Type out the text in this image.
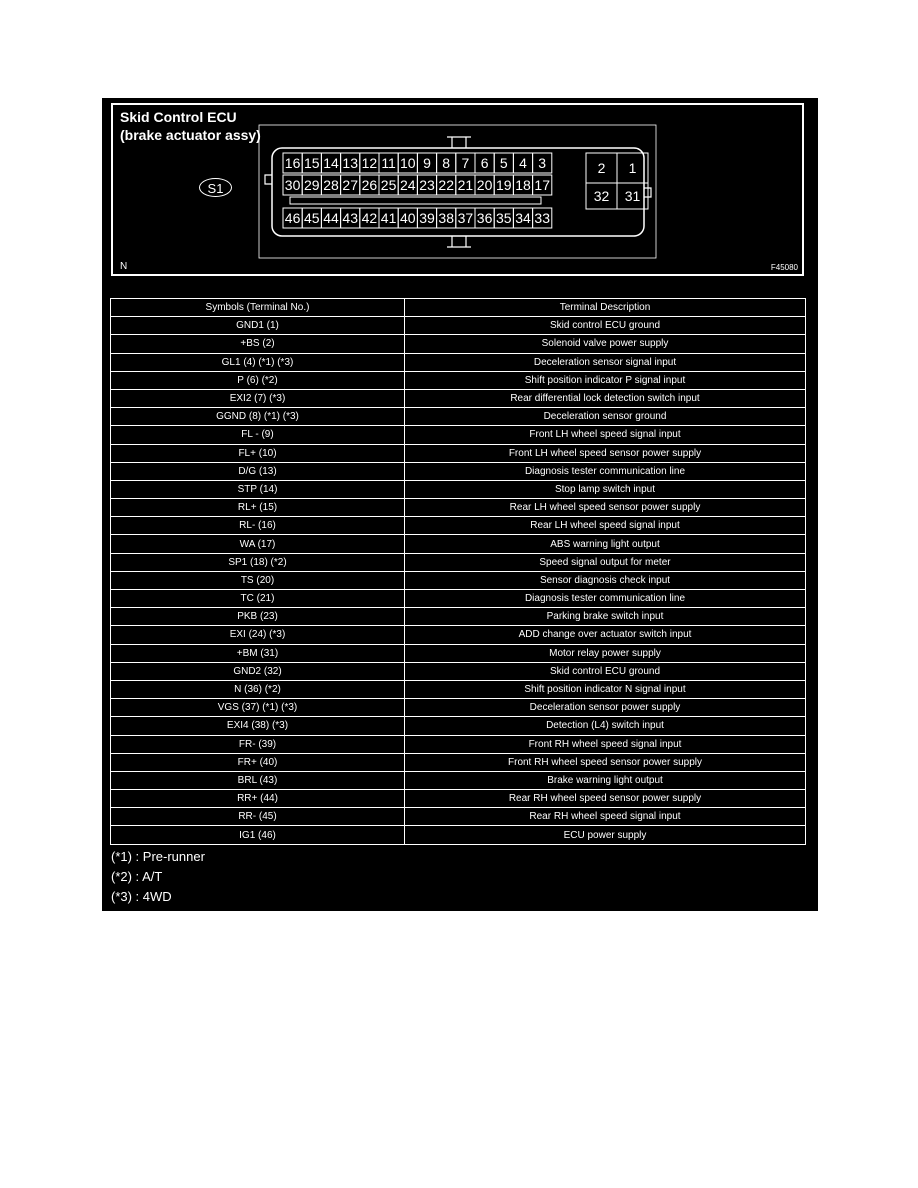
Skid Control ECU
(brake actuator assy)
S1
16 15 14 13 12 11 10 9 8 7 6 5 4 3
30 29 28 27 26 25 24 23 22 21 20 19 18 17
46 45 44 43 42 41 40 39 38 37 36 35 34 33
2 1
32 31
N	F45080
Symbols (Terminal No.)	Terminal Description
GND1 (1)	Skid control ECU ground
+BS (2)	Solenoid valve power supply
GL1 (4) (*1) (*3)	Deceleration sensor signal input
P (6) (*2)	Shift position indicator P signal input
EXI2 (7) (*3)	Rear differential lock detection switch input
GGND (8) (*1) (*3)	Deceleration sensor ground
FL - (9)	Front LH wheel speed signal input
FL+ (10)	Front LH wheel speed sensor power supply
D/G (13)	Diagnosis tester communication line
STP (14)	Stop lamp switch input
RL+ (15)	Rear LH wheel speed sensor power supply
RL- (16)	Rear LH wheel speed signal input
WA (17)	ABS warning light output
SP1 (18) (*2)	Speed signal output for meter
TS (20)	Sensor diagnosis check input
TC (21)	Diagnosis tester communication line
PKB (23)	Parking brake switch input
EXI (24) (*3)	ADD change over actuator switch input
+BM (31)	Motor relay power supply
GND2 (32)	Skid control ECU ground
N (36) (*2)	Shift position indicator N signal input
VGS (37) (*1) (*3)	Deceleration sensor power supply
EXI4 (38) (*3)	Detection (L4) switch input
FR- (39)	Front RH wheel speed signal input
FR+ (40)	Front RH wheel speed sensor power supply
BRL (43)	Brake warning light output
RR+ (44)	Rear RH wheel speed sensor power supply
RR- (45)	Rear RH wheel speed signal input
IG1 (46)	ECU power supply
(*1) : Pre-runner
(*2) : A/T
(*3) : 4WD
